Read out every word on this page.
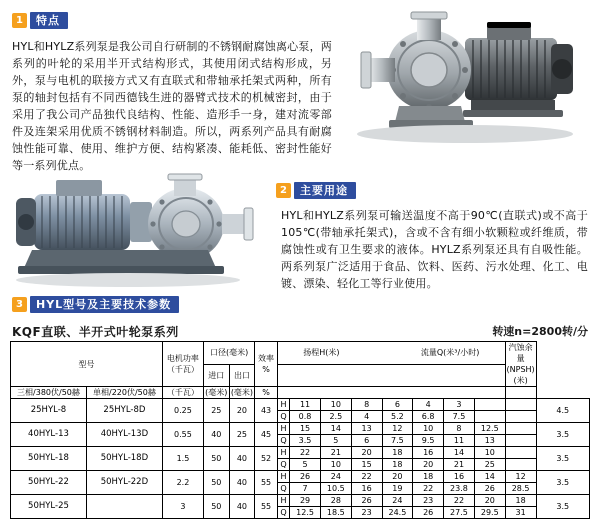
1	特点
HYL和HYLZ系列泵是我公司自行研制的不锈钢耐腐蚀离心泵，两系列的叶轮的采用半开式结构形式，其使用闭式结构形成，另外，泵与电机的联接方式又有直联式和带轴承托架式两种，所有泵的轴封包括有不同西德钱生进的器臂式技术的机械密封，由于采用了我公司产品独代良结构、性能、造形手一身，建对流零部件及连架采用优质不锈钢材料制造。所以，两系列产品具有耐腐蚀性能可靠、使用、维护方便、结构紧凑、能耗低、密封性能好等一系列优点。
2	主要用途
HYL和HYLZ系列泵可输送温度不高于90℃(直联式)或不高于105℃(带轴承托架式)，含或不含有细小软颗粒或纤维质，带腐蚀性或有卫生要求的液体。HYLZ系列泵还具有自吸性能。两系列泵广泛适用于食品、饮料、医药、污水处理、化工、电镀、漂染、轻化工等行业使用。
3	HYL型号及主要技术参数
KQF直联、半开式叶轮泵系列	转速n=2800转/分
型号		电机功率（千瓦）	口径(毫米)		效率
%	扬程H(米) 流量Q(米³/小时)								汽蚀余量
(NPSH)(米)	
			进口	出口											
三相/380伏/50赫	单相/220伏/50赫	（千瓦）	(毫米)	(毫米)	%										
25HYL-8	25HYL-8D	0.25	25	20	43	H	11	10	8	6	4	3			4.5
						Q	0.8	2.5	4	5.2	6.8	7.5			
40HYL-13	40HYL-13D	0.55	40	25	45	H	15	14	13	12	10	8	12.5		3.5
						Q	3.5	5	6	7.5	9.5	11	13		
50HYL-18	50HYL-18D	1.5	50	40	52	H	22	21	20	18	16	14	10		3.5
						Q	5	10	15	18	20	21	25		
50HYL-22	50HYL-22D	2.2	50	40	55	H	26	24	22	20	18	16	14	12	3.5
						Q	7	10.5	16	19	22	23.8	26	28.5	
50HYL-25		3	50	40	55	H	29	28	26	24	23	22	20	18	3.5
						Q	12.5	18.5	23	24.5	26	27.5	29.5	31	
